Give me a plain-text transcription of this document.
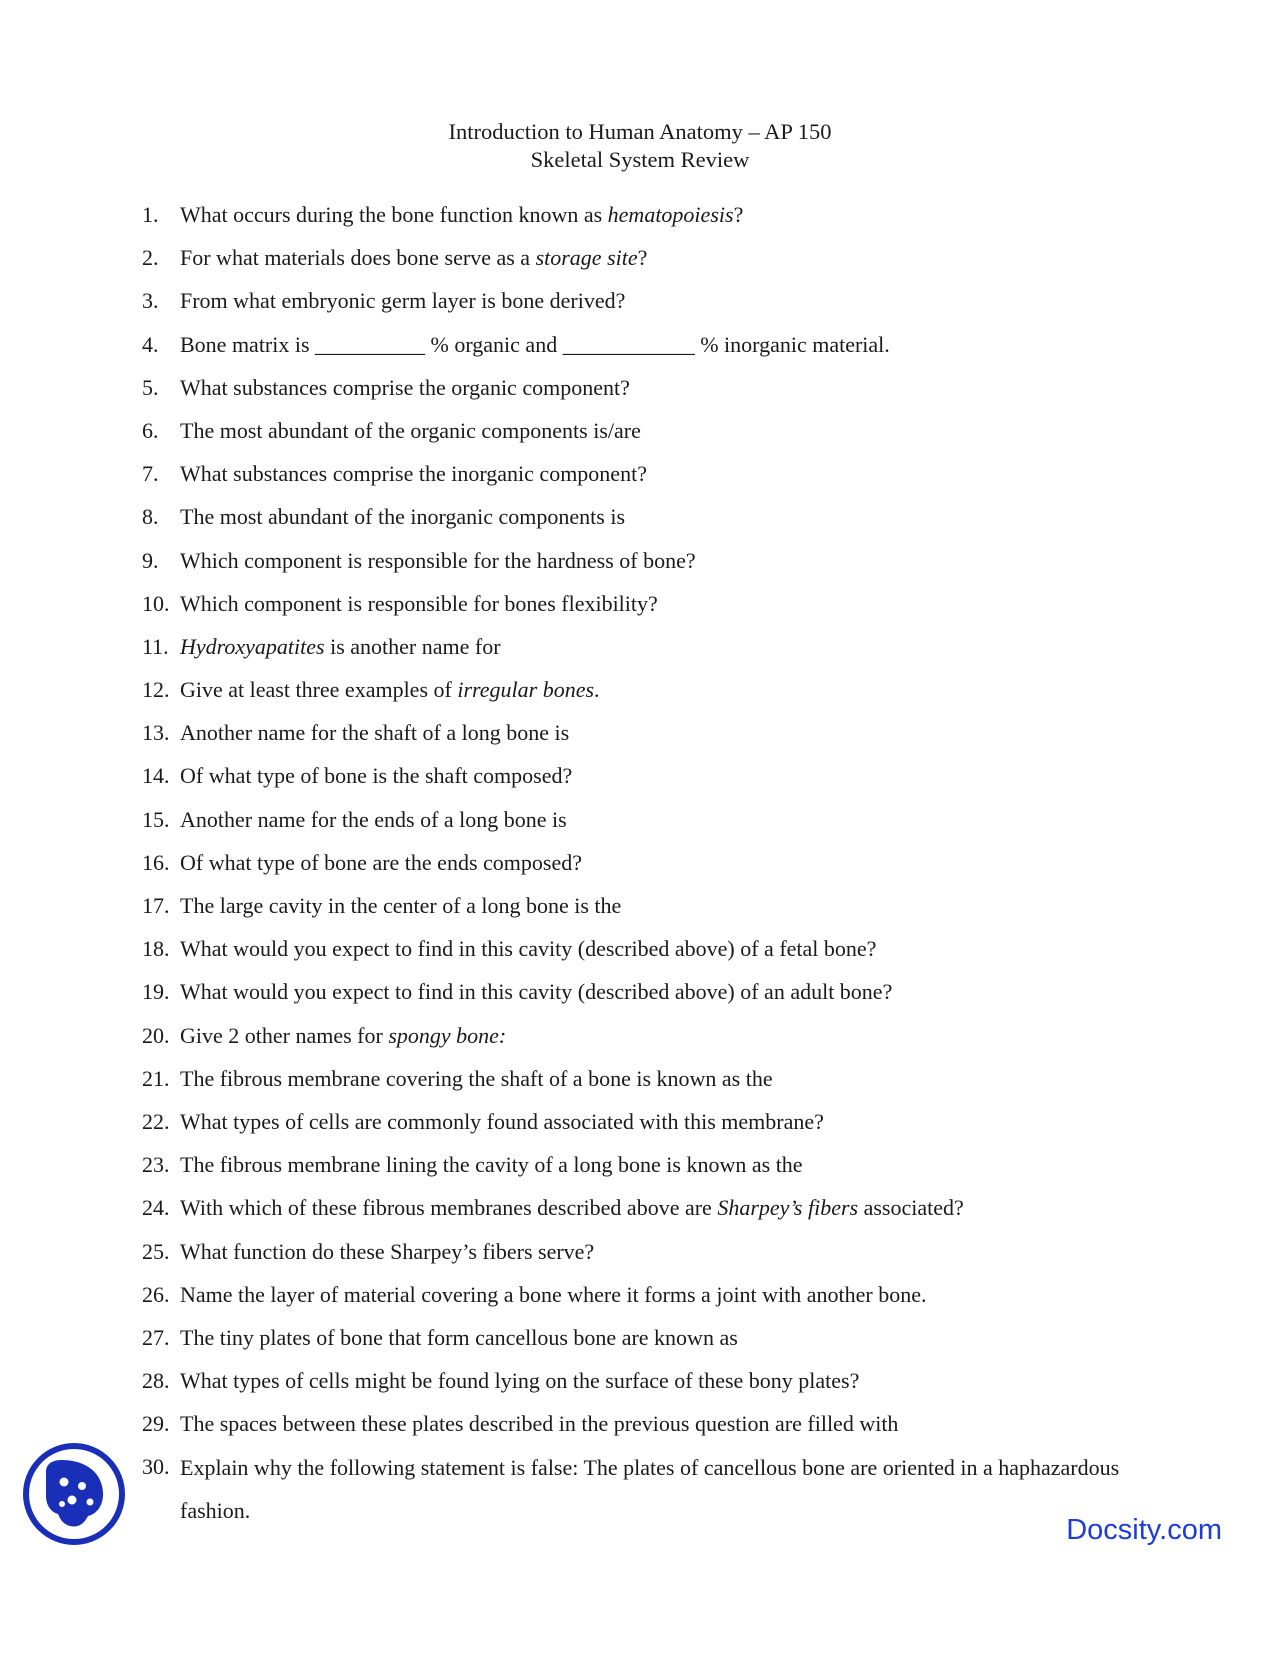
Introduction to Human Anatomy – AP 150
Skeletal System Review
1. What occurs during the bone function known as hematopoiesis?
2. For what materials does bone serve as a storage site?
3. From what embryonic germ layer is bone derived?
4. Bone matrix is __________ % organic and ____________ % inorganic material.
5. What substances comprise the organic component?
6. The most abundant of the organic components is/are
7. What substances comprise the inorganic component?
8. The most abundant of the inorganic components is
9. Which component is responsible for the hardness of bone?
10. Which component is responsible for bones flexibility?
11. Hydroxyapatites is another name for
12. Give at least three examples of irregular bones.
13. Another name for the shaft of a long bone is
14. Of what type of bone is the shaft composed?
15. Another name for the ends of a long bone is
16. Of what type of bone are the ends composed?
17. The large cavity in the center of a long bone is the
18. What would you expect to find in this cavity (described above) of a fetal bone?
19. What would you expect to find in this cavity (described above) of an adult bone?
20. Give 2 other names for spongy bone:
21. The fibrous membrane covering the shaft of a bone is known as the
22. What types of cells are commonly found associated with this membrane?
23. The fibrous membrane lining the cavity of a long bone is known as the
24. With which of these fibrous membranes described above are Sharpey’s fibers associated?
25. What function do these Sharpey’s fibers serve?
26. Name the layer of material covering a bone where it forms a joint with another bone.
27. The tiny plates of bone that form cancellous bone are known as
28. What types of cells might be found lying on the surface of these bony plates?
29. The spaces between these plates described in the previous question are filled with
30. Explain why the following statement is false: The plates of cancellous bone are oriented in a haphazardous fashion.
Docsity.com
